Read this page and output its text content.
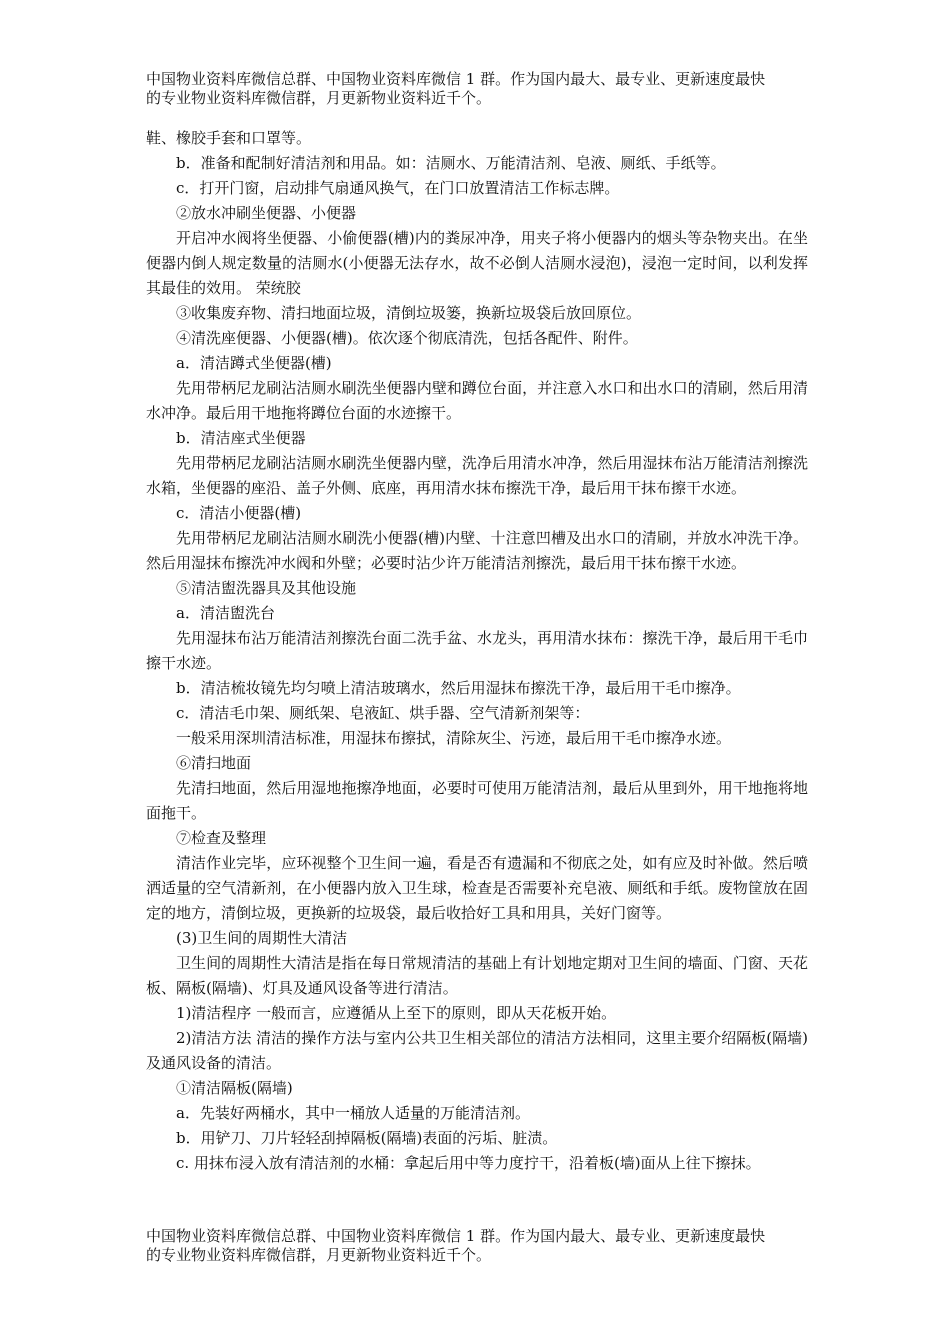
中国物业资料库微信总群、中国物业资料库微信 1 群。作为国内最大、最专业、更新速度最快
的专业物业资料库微信群，月更新物业资料近千个。

鞋、橡胶手套和口罩等。

b．准备和配制好清洁剂和用品。如：洁厕水、万能清洁剂、皂液、厕纸、手纸等。

c．打开门窗，启动排气扇通风换气，在门口放置清洁工作标志牌。

②放水冲刷坐便器、小便器

开启冲水阀将坐便器、小偷便器(槽)内的粪尿冲净，用夹子将小便器内的烟头等杂物夹出。在坐便器内倒人规定数量的洁厕水(小便器无法存水，故不必倒人洁厕水浸泡)，浸泡一定时间，以利发挥其最佳的效用。 荣统胶

③收集废弃物、清扫地面垃圾，清倒垃圾篓，换新垃圾袋后放回原位。

④清洗座便器、小便器(槽)。依次逐个彻底清洗，包括各配件、附件。

a．清洁蹲式坐便器(槽)

先用带柄尼龙刷沾洁厕水刷洗坐便器内壁和蹲位台面，并注意入水口和出水口的清刷，然后用清水冲净。最后用干地拖将蹲位台面的水迹擦干。

b．清洁座式坐便器

先用带柄尼龙刷沾洁厕水刷洗坐便器内壁，洗净后用清水冲净，然后用湿抹布沾万能清洁剂擦洗水箱，坐便器的座沿、盖子外侧、底座，再用清水抹布擦洗干净，最后用干抹布擦干水迹。

c．清洁小便器(槽)

先用带柄尼龙刷沾洁厕水刷洗小便器(槽)内壁、十注意凹槽及出水口的清刷，并放水冲洗干净。然后用湿抹布擦洗冲水阀和外壁；必要时沾少许万能清洁剂擦洗，最后用干抹布擦干水迹。

⑤清洁盥洗器具及其他设施

a．清洁盥洗台

先用湿抹布沾万能清洁剂擦洗台面二洗手盆、水龙头，再用清水抹布：擦洗干净，最后用干毛巾擦干水迹。

b．清洁梳妆镜先均匀喷上清洁玻璃水，然后用湿抹布擦洗干净，最后用干毛巾擦净。

c．清洁毛巾架、厕纸架、皂液缸、烘手器、空气清新剂架等：

一般采用深圳清洁标准，用湿抹布擦拭，清除灰尘、污迹，最后用干毛巾擦净水迹。

⑥清扫地面

先清扫地面，然后用湿地拖擦净地面，必要时可使用万能清洁剂，最后从里到外，用干地拖将地面拖干。

⑦检查及整理

清洁作业完毕，应环视整个卫生间一遍，看是否有遗漏和不彻底之处，如有应及时补做。然后喷洒适量的空气清新剂，在小便器内放入卫生球，检查是否需要补充皂液、厕纸和手纸。废物筐放在固定的地方，清倒垃圾，更换新的垃圾袋，最后收拾好工具和用具，关好门窗等。

(3)卫生间的周期性大清洁

卫生间的周期性大清洁是指在每日常规清洁的基础上有计划地定期对卫生间的墙面、门窗、天花板、隔板(隔墙)、灯具及通风设备等进行清洁。

1)清洁程序 一般而言，应遵循从上至下的原则，即从天花板开始。

2)清洁方法 清洁的操作方法与室内公共卫生相关部位的清洁方法相同，这里主要介绍隔板(隔墙)及通风设备的清洁。

①清洁隔板(隔墙)

a．先装好两桶水，其中一桶放人适量的万能清洁剂。

b．用铲刀、刀片轻轻刮掉隔板(隔墙)表面的污垢、脏渍。

c. 用抹布浸入放有清洁剂的水桶：拿起后用中等力度拧干，沿着板(墙)面从上往下擦抹。

中国物业资料库微信总群、中国物业资料库微信 1 群。作为国内最大、最专业、更新速度最快
的专业物业资料库微信群，月更新物业资料近千个。
